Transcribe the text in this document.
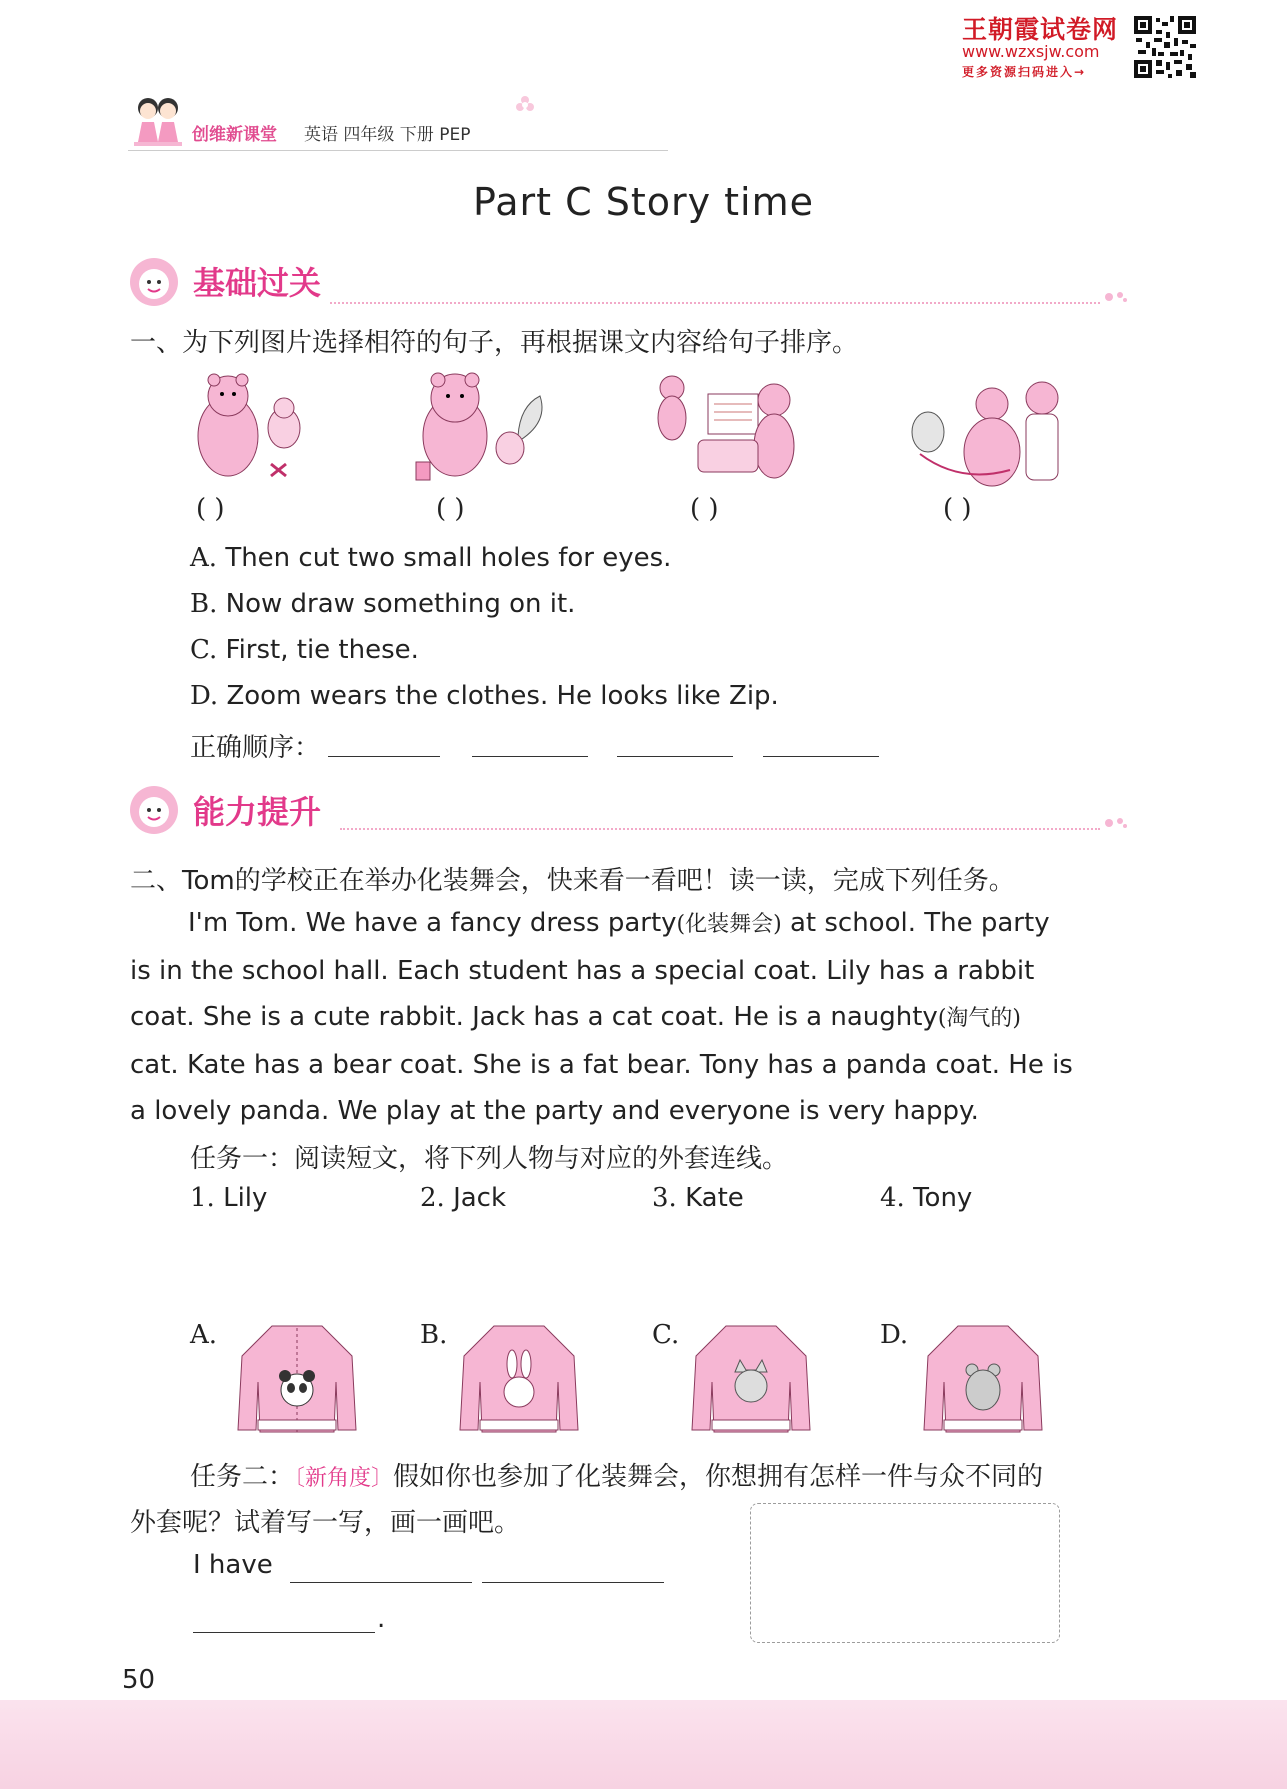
王朝霞试卷网
www.wzxsjw.com
更多资源扫码进入→
创维新课堂 英语 四年级 下册 PEP
Part C Story time
基础过关
一、为下列图片选择相符的句子，再根据课文内容给句子排序。
( )	( )	( )	( )
A. Then cut two small holes for eyes.
B. Now draw something on it.
C. First, tie these.
D. Zoom wears the clothes. He looks like Zip.
正确顺序：
能力提升
二、Tom的学校正在举办化装舞会，快来看一看吧！读一读，完成下列任务。
I'm Tom. We have a fancy dress party(化装舞会) at school. The party
is in the school hall. Each student has a special coat. Lily has a rabbit
coat. She is a cute rabbit. Jack has a cat coat. He is a naughty(淘气的)
cat. Kate has a bear coat. She is a fat bear. Tony has a panda coat. He is
a lovely panda. We play at the party and everyone is very happy.
任务一：阅读短文，将下列人物与对应的外套连线。
1. Lily	2. Jack	3. Kate	4. Tony
A.	B.	C.	D.
任务二：〔新角度〕假如你也参加了化装舞会，你想拥有怎样一件与众不同的
外套呢？试着写一写，画一画吧。
I have
.
50
